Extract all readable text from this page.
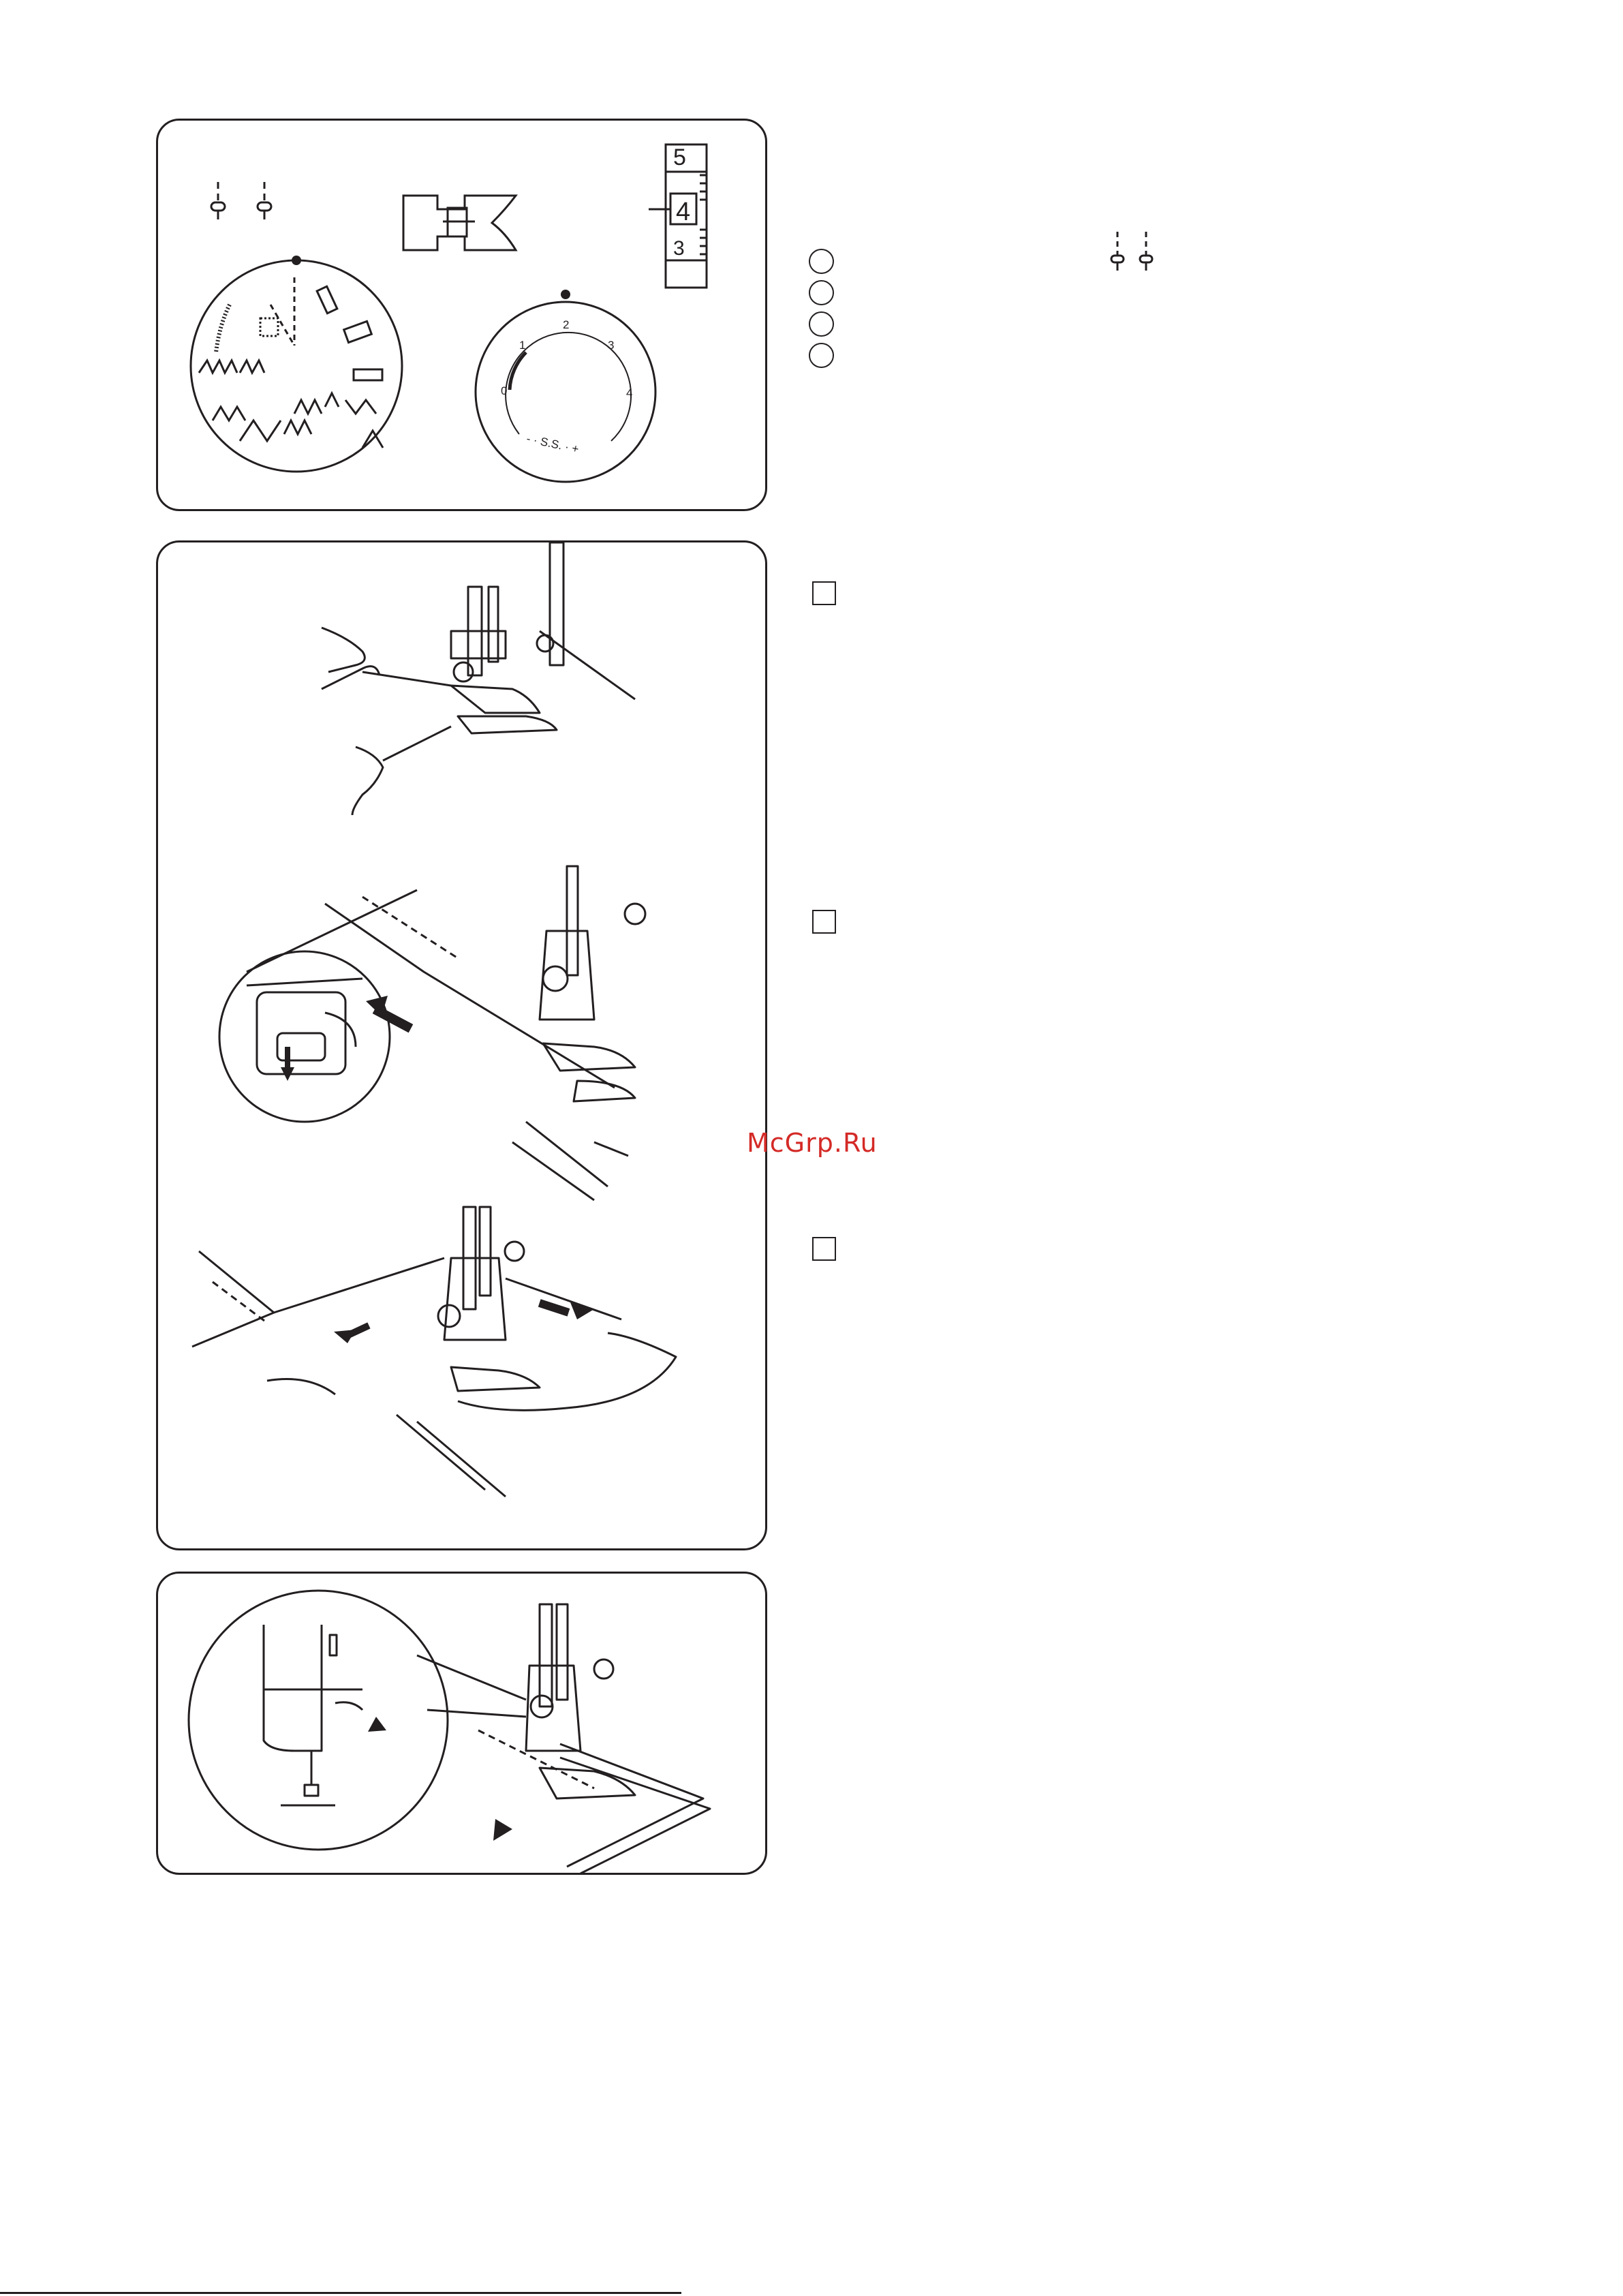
5
4
3
0
1
2
3
4
- · S.S. · +
McGrp.Ru
